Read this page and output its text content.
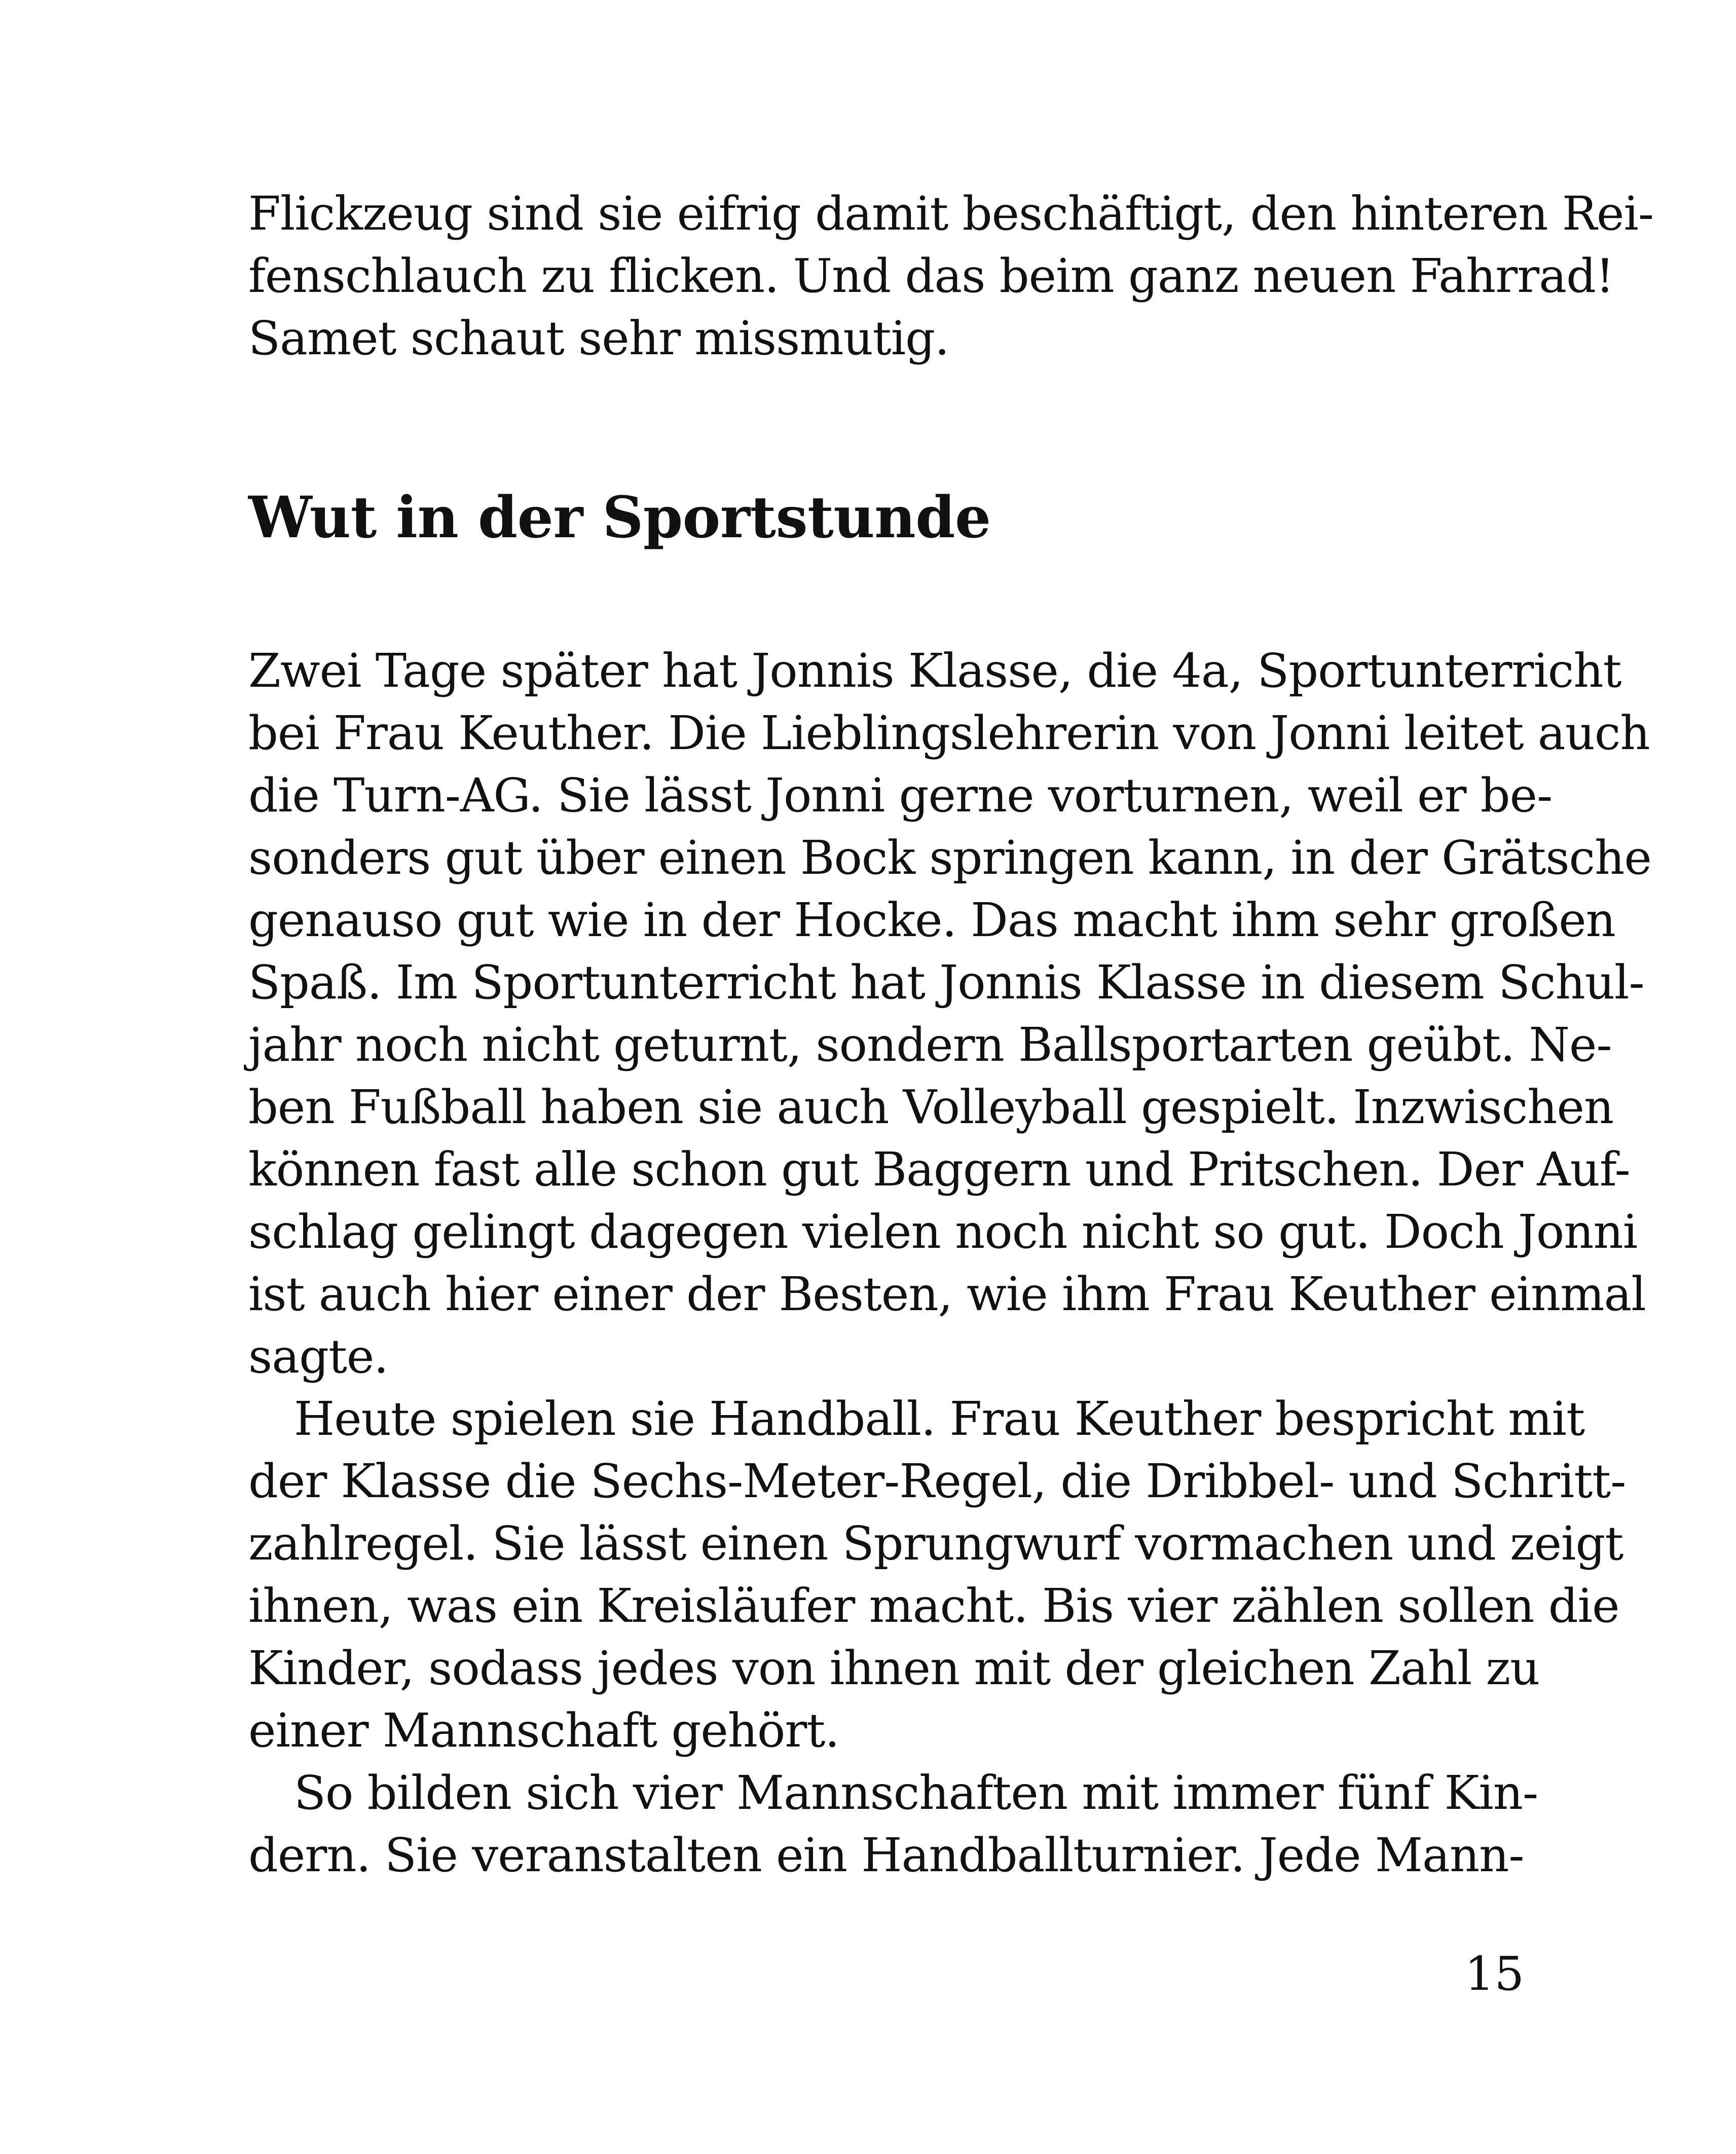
Flickzeug sind sie eifrig damit beschäftigt, den hinteren Rei-
fenschlauch zu flicken. Und das beim ganz neuen Fahrrad!
Samet schaut sehr missmutig.

Wut in der Sportstunde

Zwei Tage später hat Jonnis Klasse, die 4a, Sportunterricht
bei Frau Keuther. Die Lieblingslehrerin von Jonni leitet auch
die Turn-AG. Sie lässt Jonni gerne vorturnen, weil er be-
sonders gut über einen Bock springen kann, in der Grätsche
genauso gut wie in der Hocke. Das macht ihm sehr großen
Spaß. Im Sportunterricht hat Jonnis Klasse in diesem Schul-
jahr noch nicht geturnt, sondern Ballsportarten geübt. Ne-
ben Fußball haben sie auch Volleyball gespielt. Inzwischen
können fast alle schon gut Baggern und Pritschen. Der Auf-
schlag gelingt dagegen vielen noch nicht so gut. Doch Jonni
ist auch hier einer der Besten, wie ihm Frau Keuther einmal
sagte.

Heute spielen sie Handball. Frau Keuther bespricht mit
der Klasse die Sechs-Meter-Regel, die Dribbel- und Schritt-
zahlregel. Sie lässt einen Sprungwurf vormachen und zeigt
ihnen, was ein Kreisläufer macht. Bis vier zählen sollen die
Kinder, sodass jedes von ihnen mit der gleichen Zahl zu
einer Mannschaft gehört.

So bilden sich vier Mannschaften mit immer fünf Kin-
dern. Sie veranstalten ein Handballturnier. Jede Mann-

15
